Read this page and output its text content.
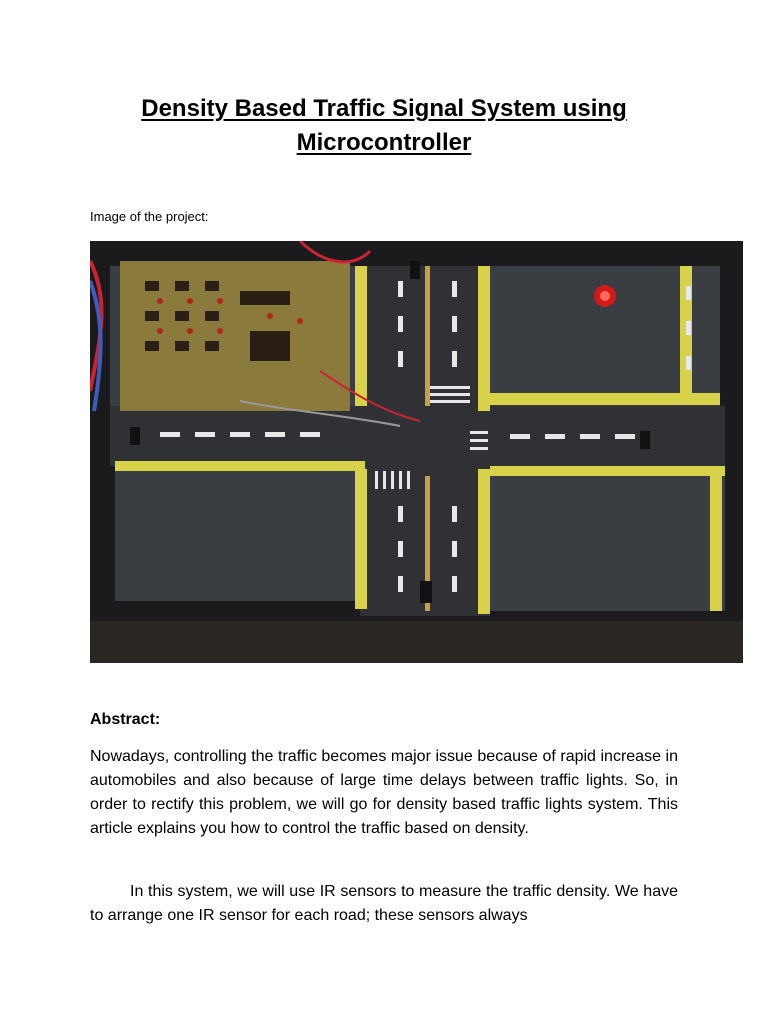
Density Based Traffic Signal System using Microcontroller
Image of the project:
Abstract:
Nowadays, controlling the traffic becomes major issue because of rapid increase in automobiles and also because of large time delays between traffic lights. So, in order to rectify this problem, we will go for density based traffic lights system. This article explains you how to control the traffic based on density.
In this system, we will use IR sensors to measure the traffic density. We have to arrange one IR sensor for each road; these sensors always
